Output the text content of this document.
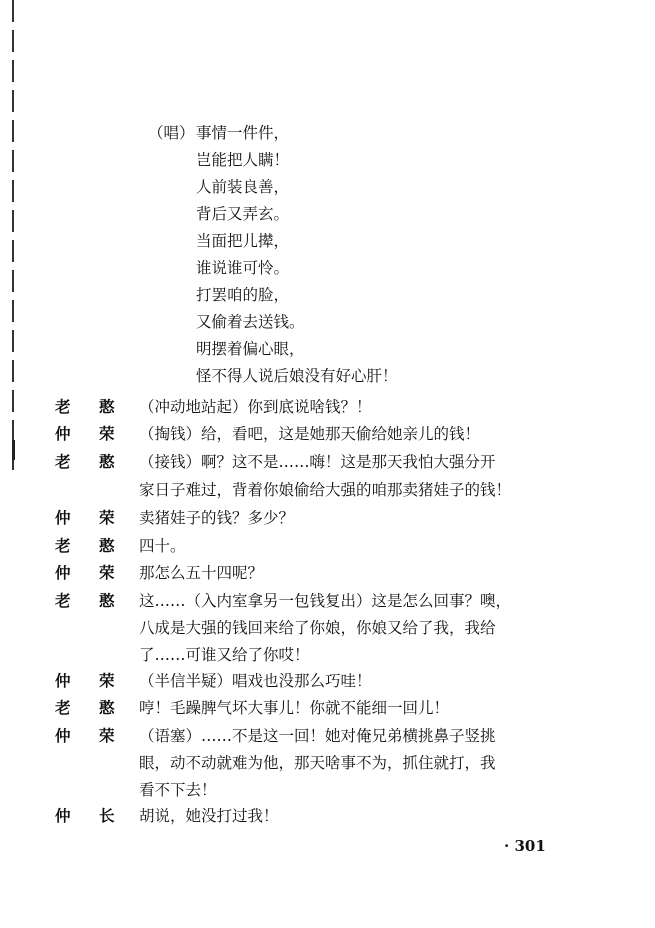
（唱） 事情一件件，
岂能把人瞒！
人前装良善，
背后又弄玄。
当面把儿撵，
谁说谁可怜。
打罢咱的脸，
又偷着去送钱。
明摆着偏心眼，
怪不得人说后娘没有好心肝！
老 憨 （冲动地站起）你到底说啥钱？！
仲 荣 （掏钱）给，看吧，这是她那天偷给她亲儿的钱！
老 憨 （接钱）啊？这不是……嗨！这是那天我怕大强分开
家日子难过，背着你娘偷给大强的咱那卖猪娃子的钱！
仲 荣 卖猪娃子的钱？多少？
老 憨 四十。
仲 荣 那怎么五十四呢？
老 憨 这……（入内室拿另一包钱复出）这是怎么回事？噢，
八成是大强的钱回来给了你娘，你娘又给了我，我给
了……可谁又给了你哎！
仲 荣 （半信半疑）唱戏也没那么巧哇！
老 憨 哼！毛躁脾气坏大事儿！你就不能细一回儿！
仲 荣 （语塞）……不是这一回！她对俺兄弟横挑鼻子竖挑
眼，动不动就难为他，那天啥事不为，抓住就打，我
看不下去！
仲 长 胡说，她没打过我！
· 301
